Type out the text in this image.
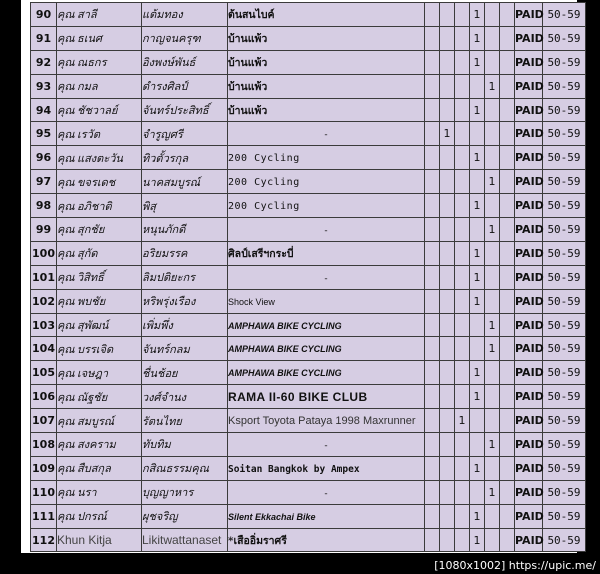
90	คุณ สาลี	แต้มทอง	ต้นสนไบค์				1			PAID	50-59
91	คุณ ธเนศ	กาญจนครุฑ	บ้านแพ้ว				1			PAID	50-59
92	คุณ ณธกร	อิงพงษ์พันธ์	บ้านแพ้ว				1			PAID	50-59
93	คุณ กมล	ดำรงศิลป์	บ้านแพ้ว					1		PAID	50-59
94	คุณ ชัชวาลย์	จันทร์ประสิทธิ์	บ้านแพ้ว				1			PAID	50-59
95	คุณ เรวัต	จำรูญศรี	-		1					PAID	50-59
96	คุณ แสงตะวัน	ทิวตั้วรกุล	200 Cycling				1			PAID	50-59
97	คุณ ขจรเดช	นาคสมบูรณ์	200 Cycling					1		PAID	50-59
98	คุณ อภิชาติ	พิสุ	200 Cycling				1			PAID	50-59
99	คุณ สุกชัย	หนุนภักดี	-					1		PAID	50-59
100	คุณ สุกัด	อริยมรรค	ศิลป์เสรีฯกระบี่				1			PAID	50-59
101	คุณ วิสิทธิ์	ลิมปติยะกร	-				1			PAID	50-59
102	คุณ พบชัย	หริพรุ่งเรือง	Shock View				1			PAID	50-59
103	คุณ สุพัฒน์	เพิ่มพึ่ง	AMPHAWA BIKE CYCLING					1		PAID	50-59
104	คุณ บรรเจิด	จันทร์กลม	AMPHAWA BIKE CYCLING					1		PAID	50-59
105	คุณ เจษฎา	ชื่นช้อย	AMPHAWA BIKE CYCLING				1			PAID	50-59
106	คุณ ณัฐชัย	วงศ์จำนง	RAMA II-60 BIKE CLUB				1			PAID	50-59
107	คุณ สมบูรณ์	รัตนไทย	Ksport Toyota Pataya 1998 Maxrunner			1				PAID	50-59
108	คุณ สงคราม	ทับทิม	-					1		PAID	50-59
109	คุณ สืบสกุล	กสิณธรรมคุณ	Soitan Bangkok by Ampex				1			PAID	50-59
110	คุณ นรา	บุญญาหาร	-					1		PAID	50-59
111	คุณ ปกรณ์	ผุชจริญ	Silent Ekkachai Bike				1			PAID	50-59
112	Khun Kitja	Likitwattanaset	*เสืออิ่มราศรี				1			PAID	50-59
[1080x1002] https://upic.me/
